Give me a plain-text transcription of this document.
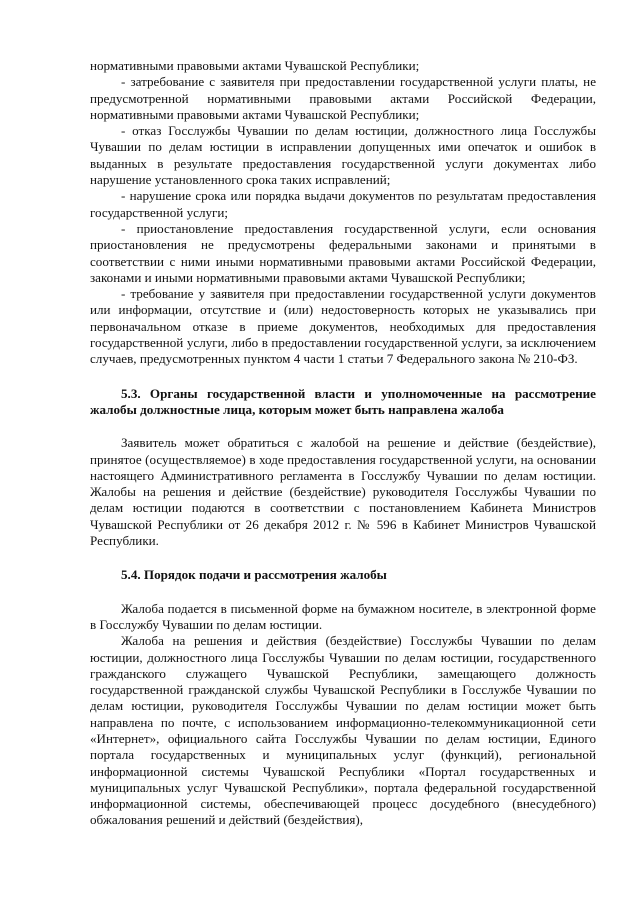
нормативными правовыми актами Чувашской Республики;

- затребование с заявителя при предоставлении государственной услуги платы, не предусмотренной нормативными правовыми актами Российской Федерации, нормативными правовыми актами Чувашской Республики;

- отказ Госслужбы Чувашии по делам юстиции, должностного лица Госслужбы Чувашии по делам юстиции в исправлении допущенных ими опечаток и ошибок в выданных в результате предоставления государственной услуги документах либо нарушение установленного срока таких исправлений;

- нарушение срока или порядка выдачи документов по результатам предоставления государственной услуги;

- приостановление предоставления государственной услуги, если основания приостановления не предусмотрены федеральными законами и принятыми в соответствии с ними иными нормативными правовыми актами Российской Федерации, законами и иными нормативными правовыми актами Чувашской Республики;

- требование у заявителя при предоставлении государственной услуги документов или информации, отсутствие и (или) недостоверность которых не указывались при первоначальном отказе в приеме документов, необходимых для предоставления государственной услуги, либо в предоставлении государственной услуги, за исключением случаев, предусмотренных пунктом 4 части 1 статьи 7 Федерального закона № 210-ФЗ.

5.3. Органы государственной власти и уполномоченные на рассмотрение жалобы должностные лица, которым может быть направлена жалоба

Заявитель может обратиться с жалобой на решение и действие (бездействие), принятое (осуществляемое) в ходе предоставления государственной услуги, на основании настоящего Административного регламента в Госслужбу Чувашии по делам юстиции. Жалобы на решения и действие (бездействие) руководителя Госслужбы Чувашии по делам юстиции подаются в соответствии с постановлением Кабинета Министров Чувашской Республики от 26 декабря 2012 г. № 596 в Кабинет Министров Чувашской Республики.

5.4. Порядок подачи и рассмотрения жалобы

Жалоба подается в письменной форме на бумажном носителе, в электронной форме в Госслужбу Чувашии по делам юстиции.

Жалоба на решения и действия (бездействие) Госслужбы Чувашии по делам юстиции, должностного лица Госслужбы Чувашии по делам юстиции, государственного гражданского служащего Чувашской Республики, замещающего должность государственной гражданской службы Чувашской Республики в Госслужбе Чувашии по делам юстиции, руководителя Госслужбы Чувашии по делам юстиции может быть направлена по почте, с использованием информационно-телекоммуникационной сети «Интернет», официального сайта Госслужбы Чувашии по делам юстиции, Единого портала государственных и муниципальных услуг (функций), региональной информационной системы Чувашской Республики «Портал государственных и муниципальных услуг Чувашской Республики», портала федеральной государственной информационной системы, обеспечивающей процесс досудебного (внесудебного) обжалования решений и действий (бездействия),
